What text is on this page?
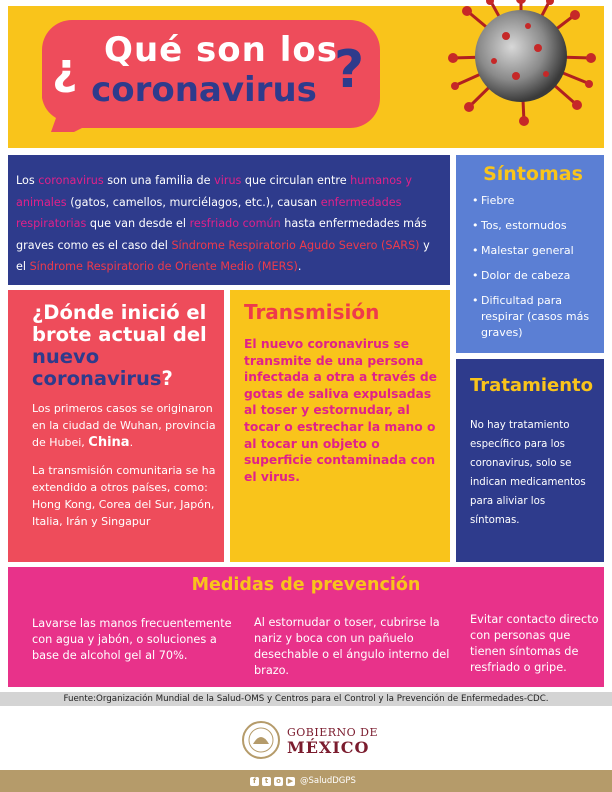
¿ Qué son los
coronavirus ?
Los coronavirus son una familia de virus que circulan entre humanos y animales (gatos, camellos, murciélagos, etc.), causan enfermedades respiratorias que van desde el resfriado común hasta enfermedades más graves como es el caso del Síndrome Respiratorio Agudo Severo (SARS) y el Síndrome Respiratorio de Oriente Medio (MERS).
Síntomas
• Fiebre
• Tos, estornudos
• Malestar general
• Dolor de cabeza
• Dificultad para respirar (casos más graves)
¿Dónde inició el brote actual del nuevo coronavirus?

Los primeros casos se originaron en la ciudad de Wuhan, provincia de Hubei, China.

La transmisión comunitaria se ha extendido a otros países, como: Hong Kong, Corea del Sur, Japón, Italia, Irán y Singapur

Transmisión

El nuevo coronavirus se transmite de una persona infectada a otra a través de gotas de saliva expulsadas al toser y estornudar, al tocar o estrechar la mano o al tocar un objeto o superficie contaminada con el virus.

Tratamiento

No hay tratamiento específico para los coronavirus, solo se indican medicamentos para aliviar los síntomas.

Medidas de prevención
Lavarse las manos frecuentemente con agua y jabón, o soluciones a base de alcohol gel al 70%.
Al estornudar o toser, cubrirse la nariz y boca con un pañuelo desechable o el ángulo interno del brazo.
Evitar contacto directo con personas que tienen síntomas de resfriado o gripe.
Fuente:Organización Mundial de la Salud-OMS y Centros para el Control y la Prevención de Enfermedades-CDC.
GOBIERNO DE
MÉXICO
f	t	o ▶ @SaludDGPS
